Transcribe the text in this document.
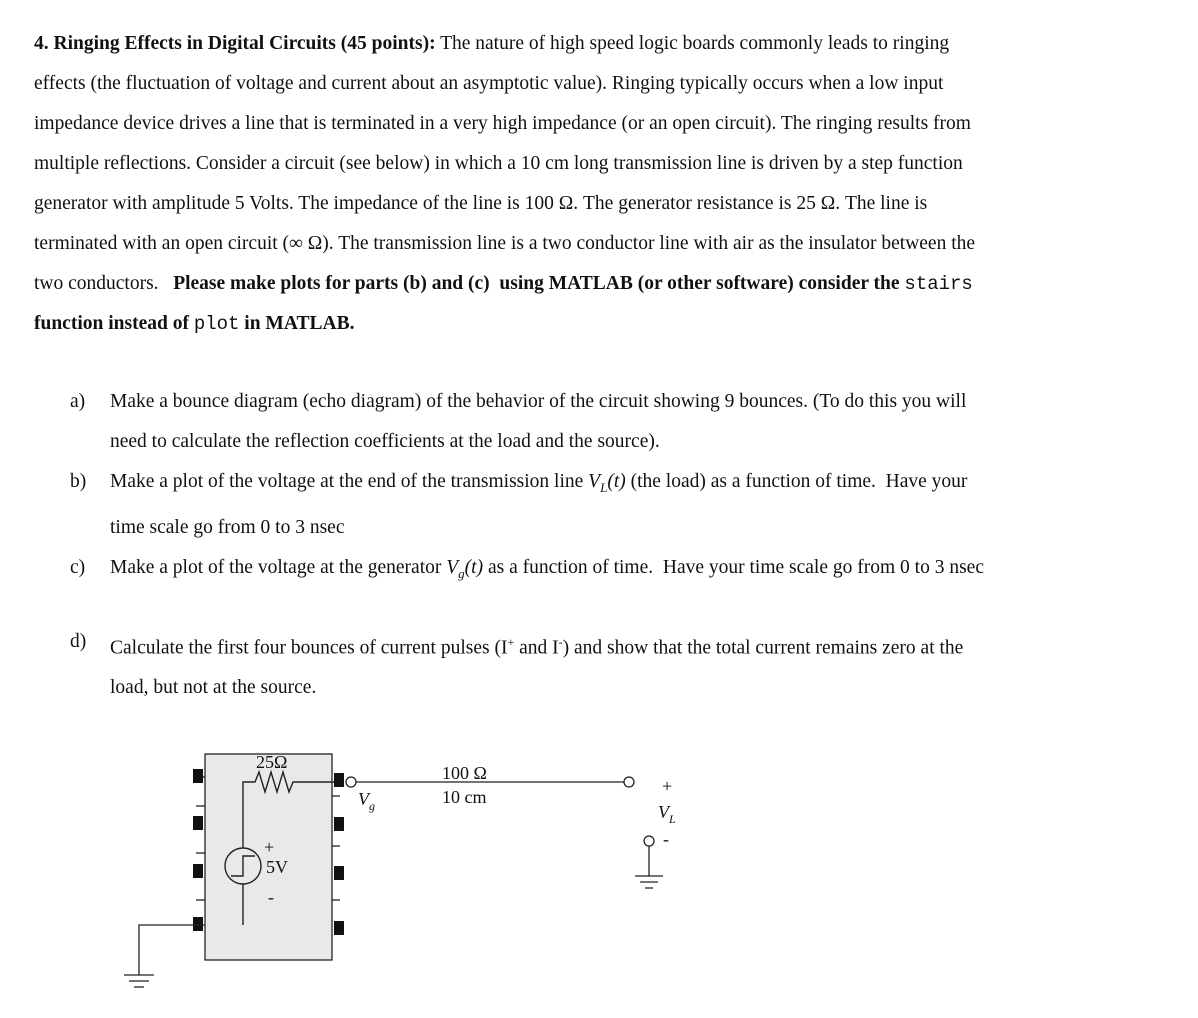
4. Ringing Effects in Digital Circuits (45 points): The nature of high speed logic boards commonly leads to ringing

effects (the fluctuation of voltage and current about an asymptotic value). Ringing typically occurs when a low input

impedance device drives a line that is terminated in a very high impedance (or an open circuit). The ringing results from

multiple reflections. Consider a circuit (see below) in which a 10 cm long transmission line is driven by a step function

generator with amplitude 5 Volts. The impedance of the line is 100 Ω. The generator resistance is 25 Ω. The line is

terminated with an open circuit (∞ Ω). The transmission line is a two conductor line with air as the insulator between the

two conductors.   Please make plots for parts (b) and (c)  using MATLAB (or other software) consider the stairs

function instead of plot in MATLAB.

a) Make a bounce diagram (echo diagram) of the behavior of the circuit showing 9 bounces. (To do this you will

need to calculate the reflection coefficients at the load and the source).

b) Make a plot of the voltage at the end of the transmission line $V_L(t)$ (the load) as a function of time.  Have your

time scale go from 0 to 3 nsec

c) Make a plot of the voltage at the generator $V_g(t)$ as a function of time.  Have your time scale go from 0 to 3 nsec

d) Calculate the first four bounces of current pulses (I+ and I-) and show that the total current remains zero at the

load, but not at the source.

25Ω
+
5V
-
$V_g$
100 Ω
10 cm
+
$V_L$
-
